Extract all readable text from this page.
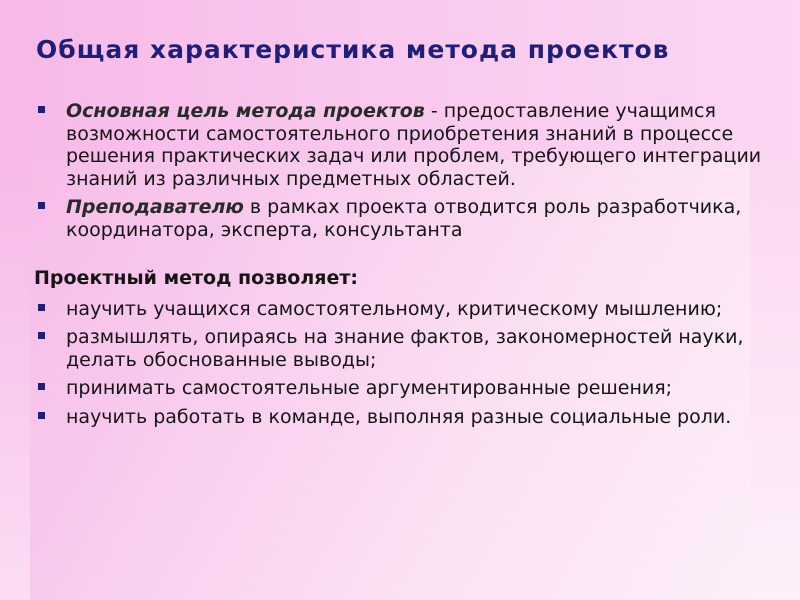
Общая характеристика метода проектов
Основная цель метода проектов - предоставление учащимся возможности самостоятельного приобретения знаний в процессе решения практических задач или проблем, требующего интеграции знаний из различных предметных областей.
Преподавателю в рамках проекта отводится роль разработчика, координатора, эксперта, консультанта
Проектный метод позволяет:
научить учащихся самостоятельному, критическому мышлению;
размышлять, опираясь на знание фактов, закономерностей науки, делать обоснованные выводы;
принимать самостоятельные аргументированные решения;
научить работать в команде, выполняя разные социальные роли.
